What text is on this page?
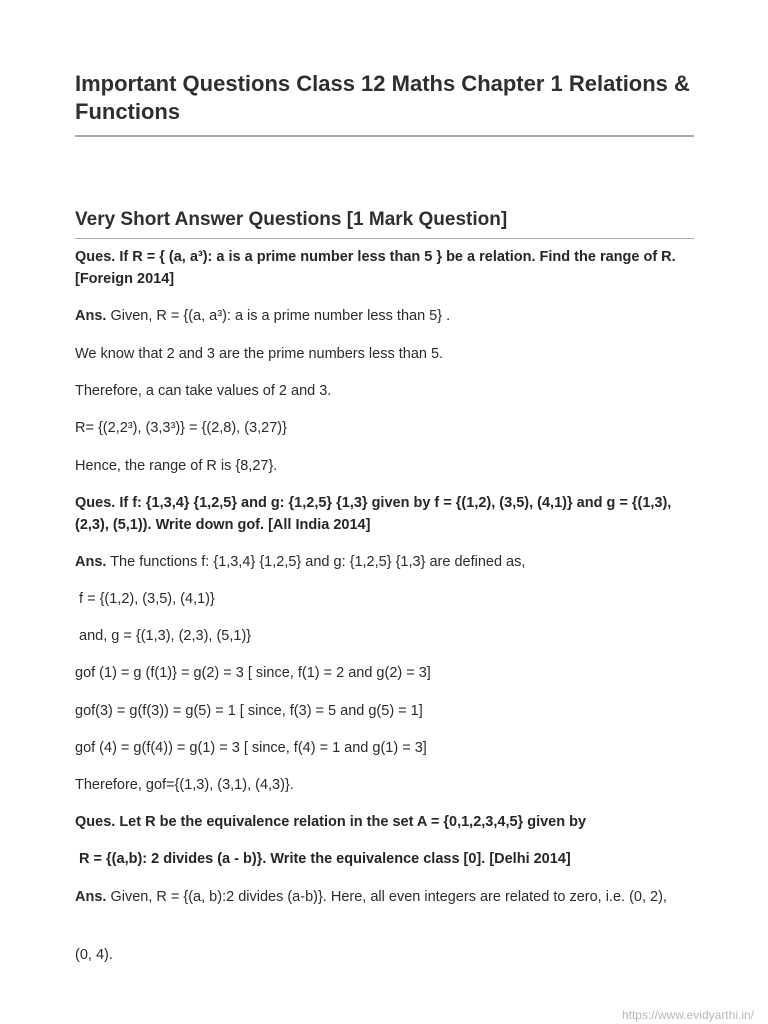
Important Questions Class 12 Maths Chapter 1 Relations & Functions
Very Short Answer Questions [1 Mark Question]

Ques. If R = { (a, a³): a is a prime number less than 5 } be a relation. Find the range of R.[Foreign 2014]

Ans. Given, R = {(a, a³): a is a prime number less than 5} .

We know that 2 and 3 are the prime numbers less than 5.

Therefore, a can take values of 2 and 3.

R= {(2,2³), (3,3³)} = {(2,8), (3,27)}

Hence, the range of R is {8,27}.

Ques. If f: {1,3,4} {1,2,5} and g: {1,2,5} {1,3} given by f = {(1,2), (3,5), (4,1)} and g = {(1,3), (2,3), (5,1)). Write down gof. [All India 2014]

Ans. The functions f: {1,3,4} {1,2,5} and g: {1,2,5} {1,3} are defined as,

f = {(1,2), (3,5), (4,1)}

and, g = {(1,3), (2,3), (5,1)}

gof (1) = g (f(1)} = g(2) = 3 [ since, f(1) = 2 and g(2) = 3]

gof(3) = g(f(3)) = g(5) = 1 [ since, f(3) = 5 and g(5) = 1]

gof (4) = g(f(4)) = g(1) = 3 [ since, f(4) = 1 and g(1) = 3]

Therefore, gof={(1,3), (3,1), (4,3)}.

Ques. Let R be the equivalence relation in the set A = {0,1,2,3,4,5} given by

R = {(a,b): 2 divides (a - b)}. Write the equivalence class [0]. [Delhi 2014]

Ans. Given, R = {(a, b):2 divides (a-b)}. Here, all even integers are related to zero, i.e. (0, 2),

(0, 4).

https://www.evidyarthi.in/
